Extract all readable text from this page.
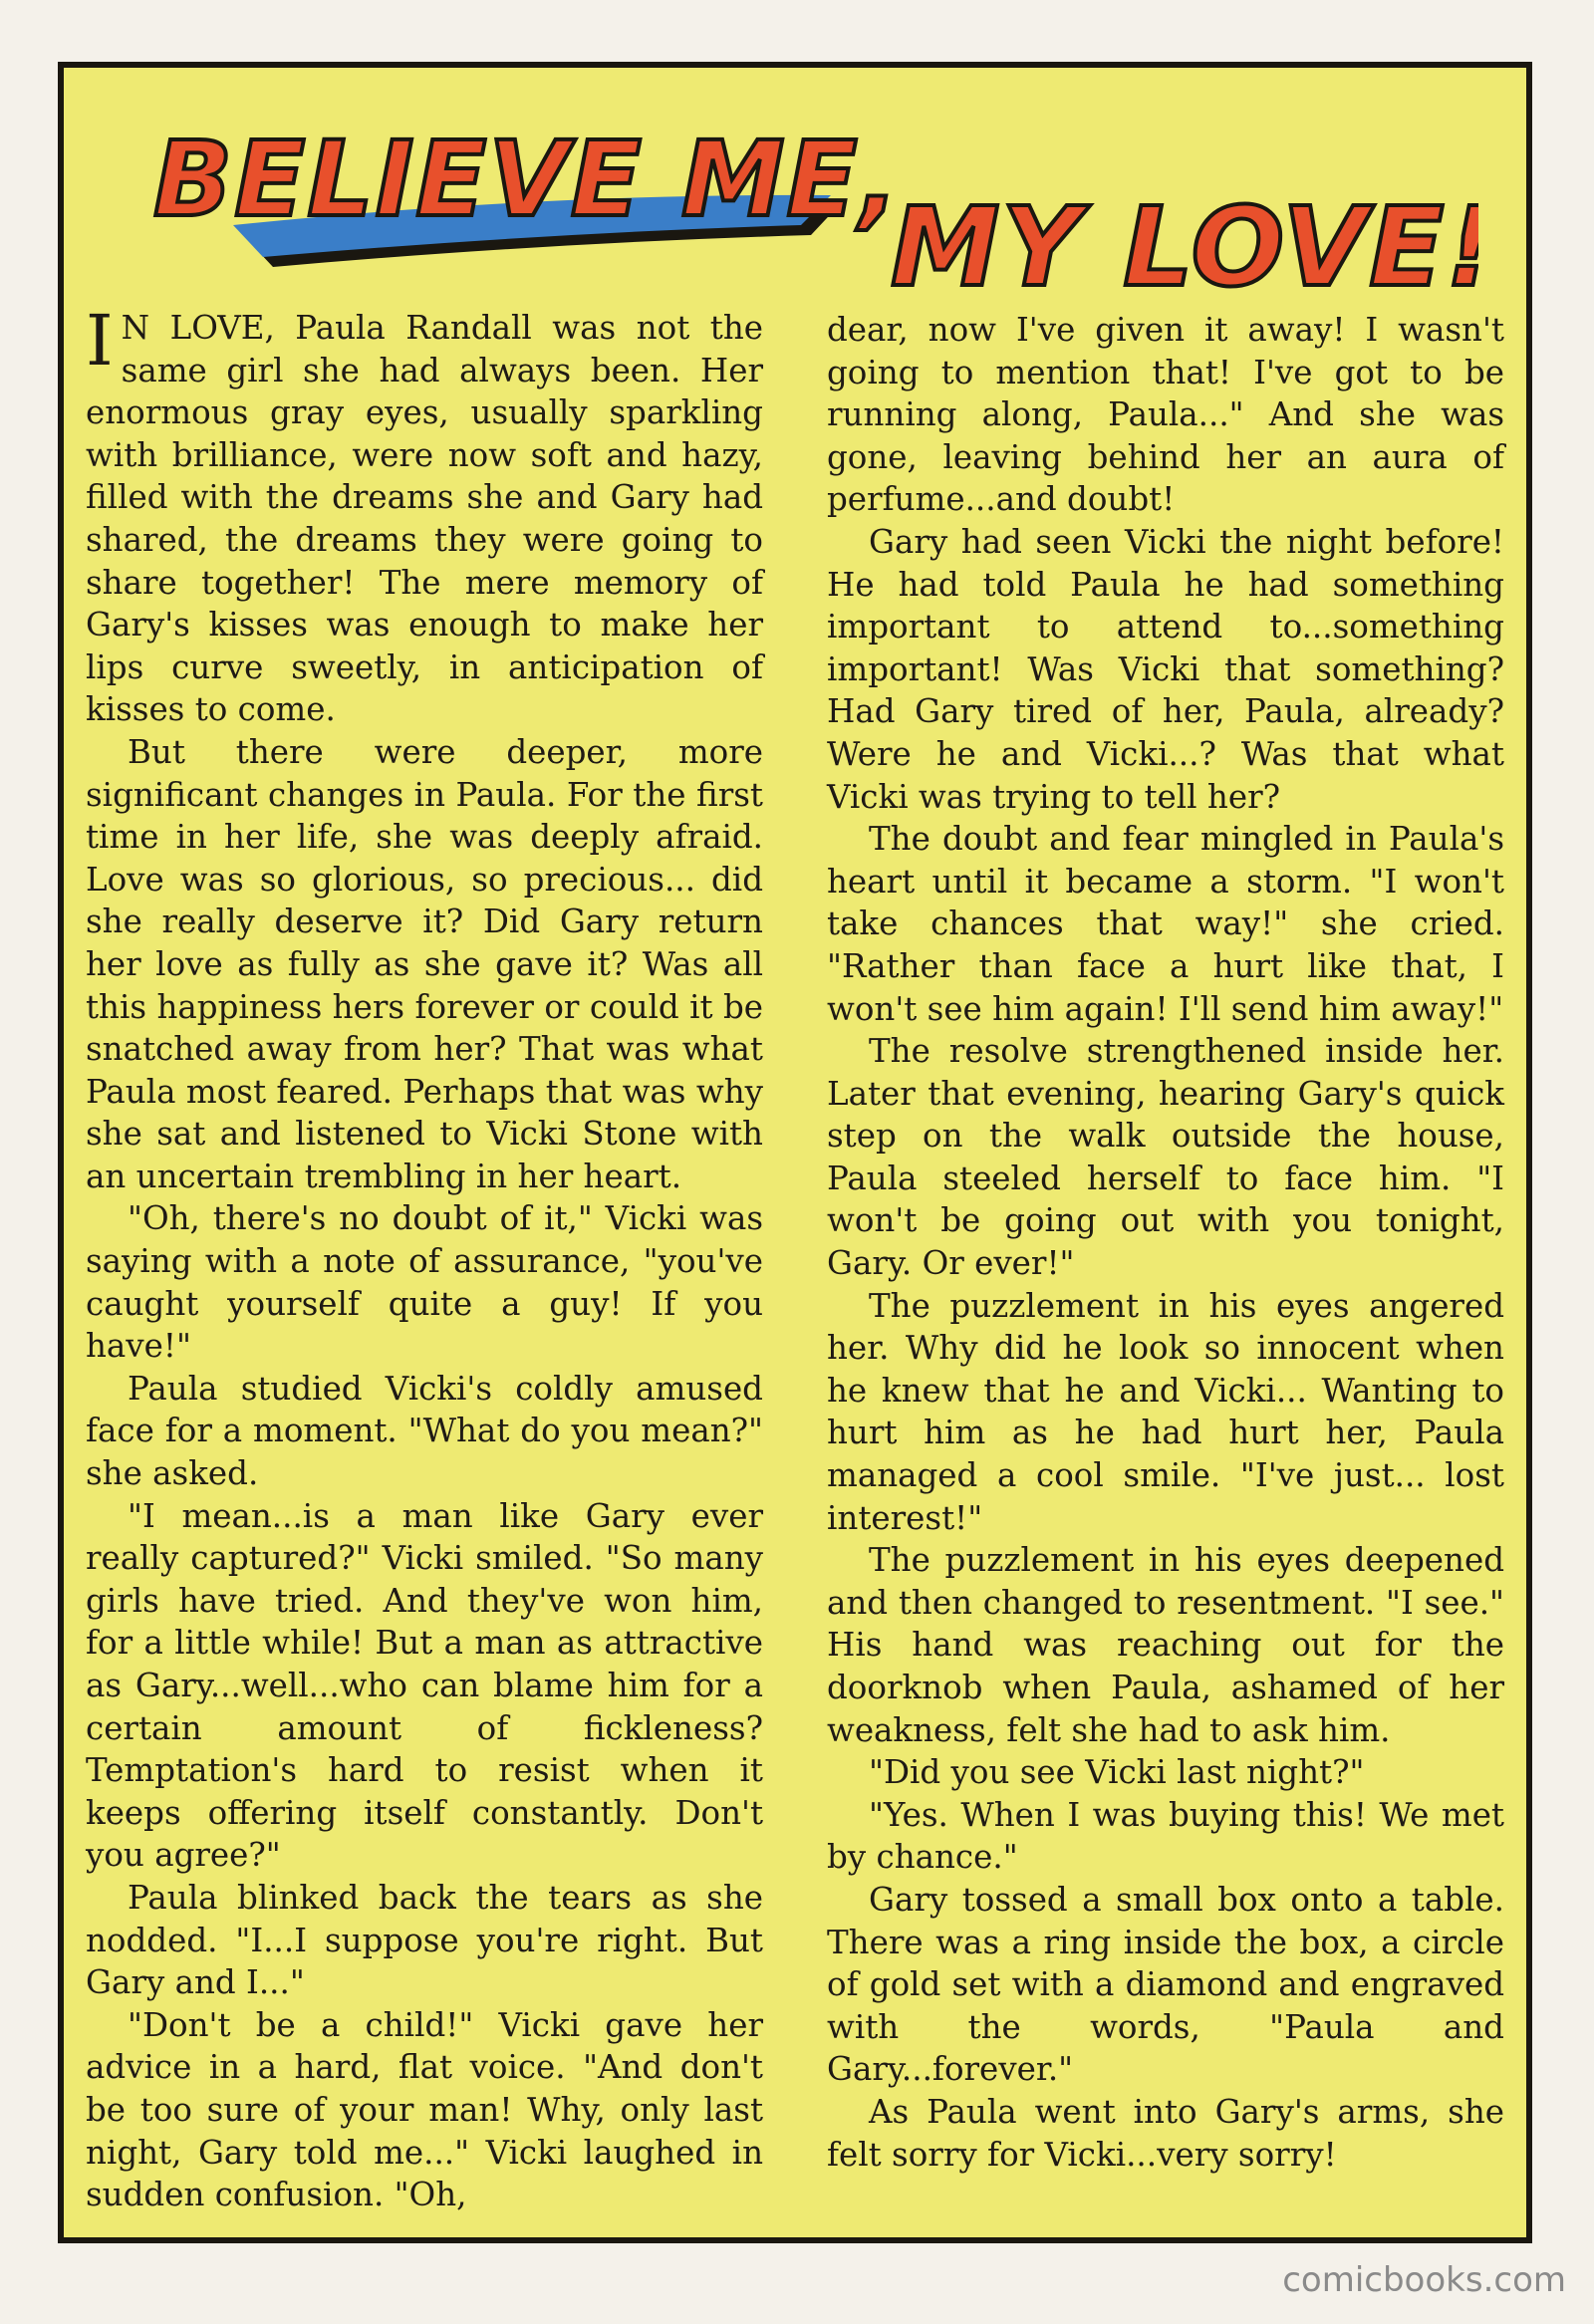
BELIEVE ME,
MY LOVE!

I N LOVE, Paula Randall was not the same girl she had always been. Her enormous gray eyes, usually sparkling with brilliance, were now soft and hazy, filled with the dreams she and Gary had shared, the dreams they were going to share together! The mere memory of Gary's kisses was enough to make her lips curve sweetly, in anticipation of kisses to come.

But there were deeper, more significant changes in Paula. For the first time in her life, she was deeply afraid. Love was so glorious, so precious... did she really deserve it? Did Gary return her love as fully as she gave it? Was all this happiness hers forever or could it be snatched away from her? That was what Paula most feared. Perhaps that was why she sat and listened to Vicki Stone with an uncertain trembling in her heart.

"Oh, there's no doubt of it," Vicki was saying with a note of assurance, "you've caught yourself quite a guy! If you have!"

Paula studied Vicki's coldly amused face for a moment. "What do you mean?" she asked.

"I mean...is a man like Gary ever really captured?" Vicki smiled. "So many girls have tried. And they've won him, for a little while! But a man as attractive as Gary...well...who can blame him for a certain amount of fickleness? Temptation's hard to resist when it keeps offering itself constantly. Don't you agree?"

Paula blinked back the tears as she nodded. "I...I suppose you're right. But Gary and I..."

"Don't be a child!" Vicki gave her advice in a hard, flat voice. "And don't be too sure of your man! Why, only last night, Gary told me..." Vicki laughed in sudden confusion. "Oh,

dear, now I've given it away! I wasn't going to mention that! I've got to be running along, Paula..." And she was gone, leaving behind her an aura of perfume...and doubt!

Gary had seen Vicki the night before! He had told Paula he had something important to attend to...something important! Was Vicki that something? Had Gary tired of her, Paula, already? Were he and Vicki...? Was that what Vicki was trying to tell her?

The doubt and fear mingled in Paula's heart until it became a storm. "I won't take chances that way!" she cried. "Rather than face a hurt like that, I won't see him again! I'll send him away!"

The resolve strengthened inside her. Later that evening, hearing Gary's quick step on the walk outside the house, Paula steeled herself to face him. "I won't be going out with you tonight, Gary. Or ever!"

The puzzlement in his eyes angered her. Why did he look so innocent when he knew that he and Vicki... Wanting to hurt him as he had hurt her, Paula managed a cool smile. "I've just... lost interest!"

The puzzlement in his eyes deepened and then changed to resentment. "I see." His hand was reaching out for the doorknob when Paula, ashamed of her weakness, felt she had to ask him.

"Did you see Vicki last night?"

"Yes. When I was buying this! We met by chance."

Gary tossed a small box onto a table. There was a ring inside the box, a circle of gold set with a diamond and engraved with the words, "Paula and Gary...forever."

As Paula went into Gary's arms, she felt sorry for Vicki...very sorry!

comicbooks.com
